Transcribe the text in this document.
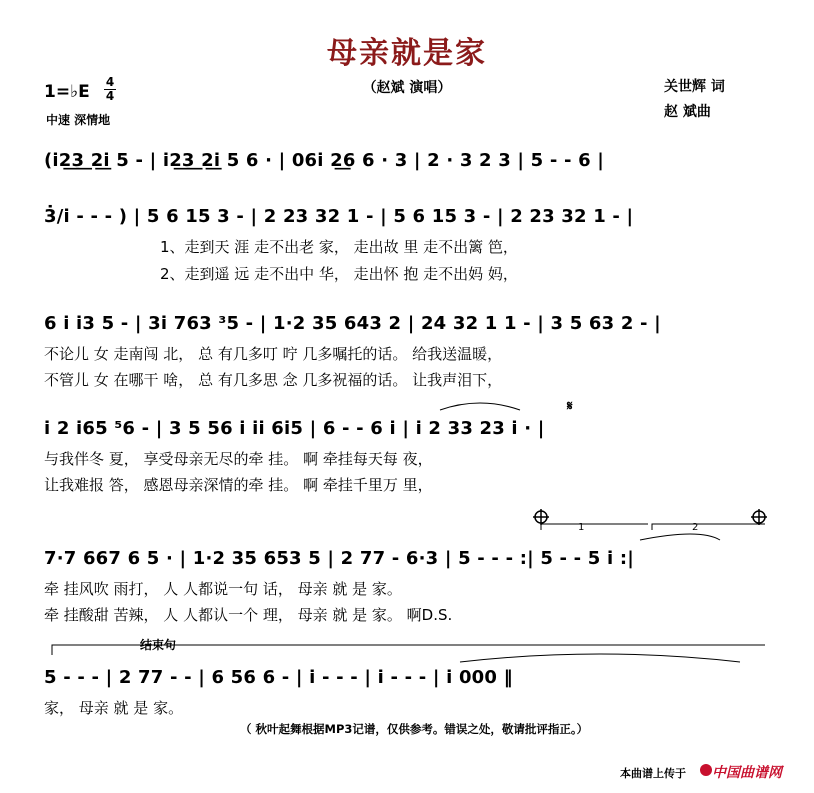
母亲就是家
（赵斌 演唱）	关世辉 词
赵 斌曲
1=♭E 4
4
中速 深情地
(i2͟3͟ 2͟i 5 - | i2͟3͟ 2͟i 5 6 · | 06i 2͟6 6 · 3 | 2 · 3 2 3 | 5 - - 6 |
3̇/i - - - ) | 5 6 15 3 - | 2 23 32 1 - | 5 6 15 3 - | 2 23 32 1 - |
1、走到天 涯 走不出老 家， 走出故 里 走不出篱 笆，
2、走到遥 远 走不出中 华， 走出怀 抱 走不出妈 妈，
6 i i3 5 - | 3i 763 ³5 - | 1·2 35 643 2 | 24 32 1 1 - | 3 5 63 2 - |
不论儿 女 走南闯 北， 总 有几多叮 咛 几多嘱托的话。 给我送温暖，
不管儿 女 在哪干 啥， 总 有几多思 念 几多祝福的话。 让我声泪下，
i 2 i65 ⁵6 - | 3 5 56 i ii 6i5 | 6 - - 6 i | i 2 33 23 i · |
与我伴冬 夏， 享受母亲无尽的牵 挂。 啊 牵挂每天每 夜，
让我难报 答， 感恩母亲深情的牵 挂。 啊 牵挂千里万 里，
7·7 667 6 5 · | 1·2 35 653 5 | 2 77 - 6·3 | 5 - - - :| 5 - - 5 i :|
牵 挂风吹 雨打， 人 人都说一句 话， 母亲 就 是 家。
牵 挂酸甜 苦辣， 人 人都认一个 理， 母亲 就 是 家。 啊D.S.
结束句
5 - - - | 2 77 - - | 6 56 6 - | i - - - | i - - - | i 000 ‖
家， 母亲 就 是 家。
1	2
𝄋
（ 秋叶起舞根据MP3记谱，仅供参考。错误之处，敬请批评指正。）
本曲谱上传于 中国曲谱网
